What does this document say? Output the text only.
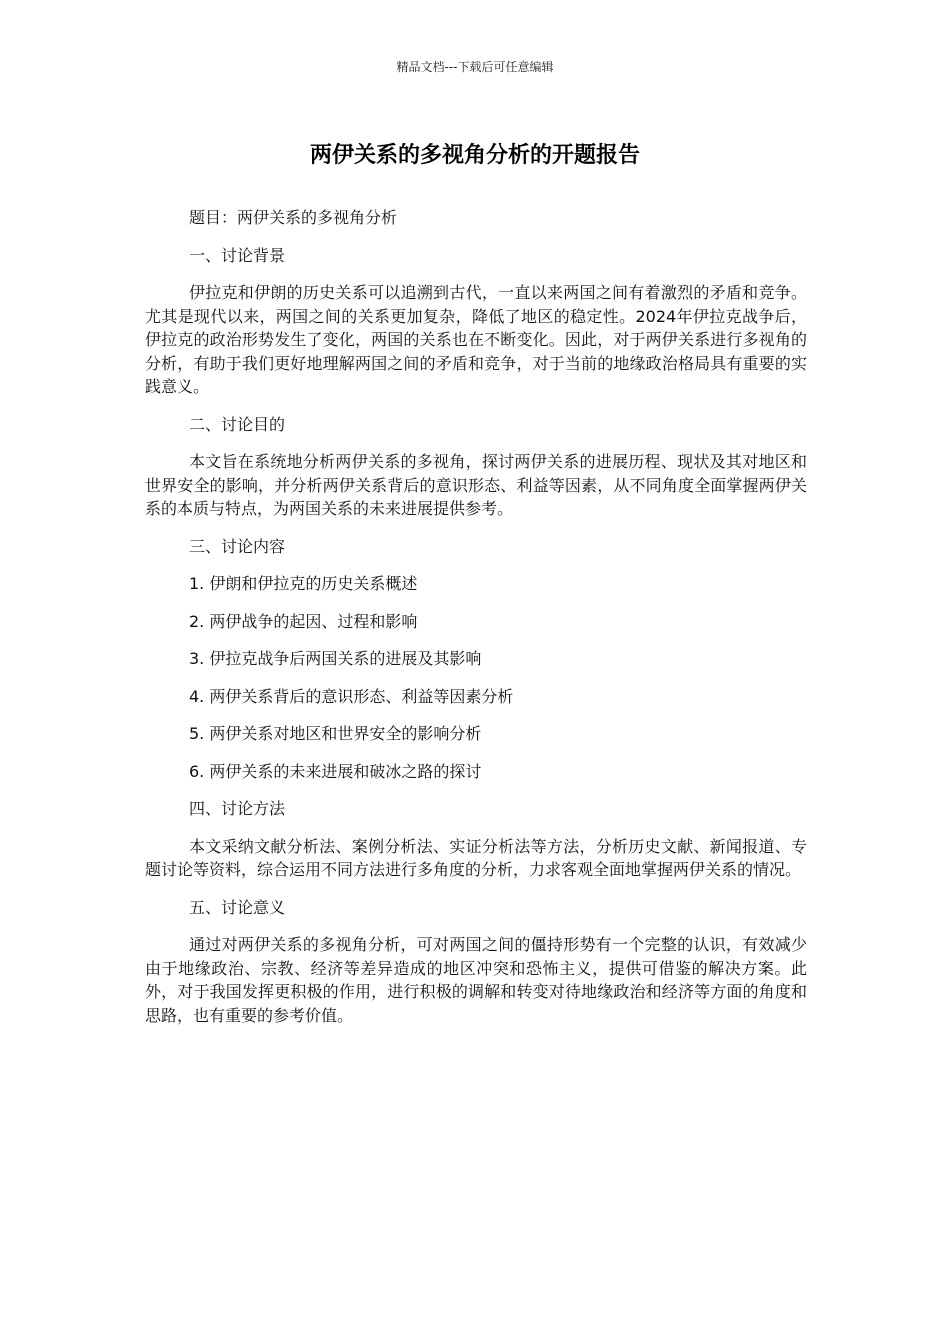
精品文档---下载后可任意编辑
两伊关系的多视角分析的开题报告

题目：两伊关系的多视角分析

一、讨论背景

伊拉克和伊朗的历史关系可以追溯到古代，一直以来两国之间有着激烈的矛盾和竞争。尤其是现代以来，两国之间的关系更加复杂，降低了地区的稳定性。2024年伊拉克战争后，伊拉克的政治形势发生了变化，两国的关系也在不断变化。因此，对于两伊关系进行多视角的分析，有助于我们更好地理解两国之间的矛盾和竞争，对于当前的地缘政治格局具有重要的实践意义。

二、讨论目的

本文旨在系统地分析两伊关系的多视角，探讨两伊关系的进展历程、现状及其对地区和世界安全的影响，并分析两伊关系背后的意识形态、利益等因素，从不同角度全面掌握两伊关系的本质与特点，为两国关系的未来进展提供参考。

三、讨论内容

1. 伊朗和伊拉克的历史关系概述

2. 两伊战争的起因、过程和影响

3. 伊拉克战争后两国关系的进展及其影响

4. 两伊关系背后的意识形态、利益等因素分析

5. 两伊关系对地区和世界安全的影响分析

6. 两伊关系的未来进展和破冰之路的探讨

四、讨论方法

本文采纳文献分析法、案例分析法、实证分析法等方法，分析历史文献、新闻报道、专题讨论等资料，综合运用不同方法进行多角度的分析，力求客观全面地掌握两伊关系的情况。

五、讨论意义

通过对两伊关系的多视角分析，可对两国之间的僵持形势有一个完整的认识，有效减少由于地缘政治、宗教、经济等差异造成的地区冲突和恐怖主义，提供可借鉴的解决方案。此外，对于我国发挥更积极的作用，进行积极的调解和转变对待地缘政治和经济等方面的角度和思路，也有重要的参考价值。
